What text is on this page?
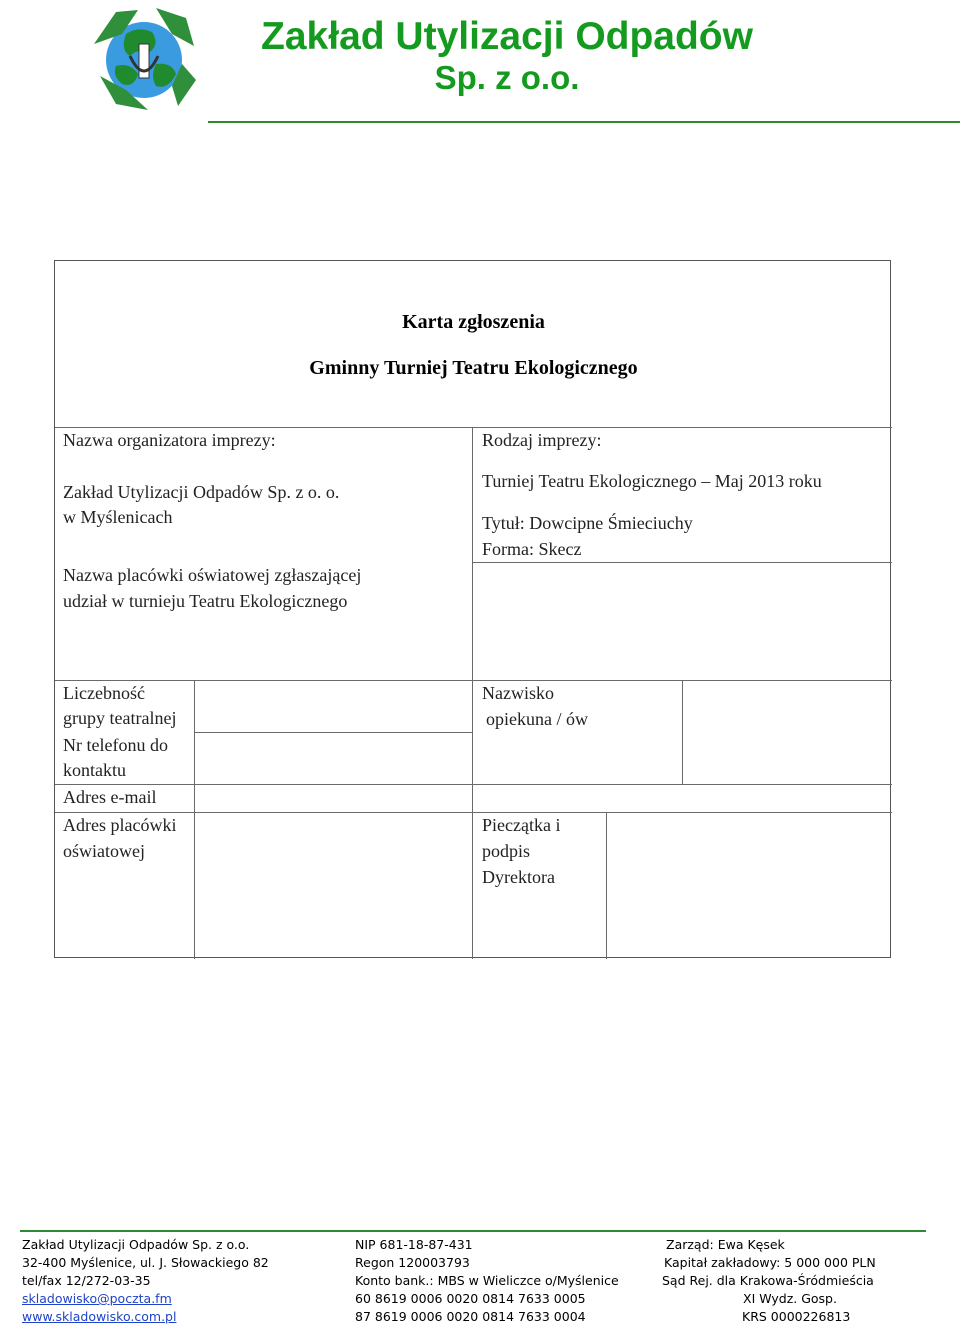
Zakład Utylizacji Odpadów
Sp. z o.o.
Karta zgłoszenia
Gminny Turniej Teatru Ekologicznego
Nazwa organizatora imprezy:
Zakład Utylizacji Odpadów Sp. z o. o.
w Myślenicach
Nazwa placówki oświatowej zgłaszającej
udział w turnieju Teatru Ekologicznego
Rodzaj imprezy:
Turniej Teatru Ekologicznego – Maj 2013 roku
Tytuł: Dowcipne Śmieciuchy
Forma: Skecz
Liczebność
grupy teatralnej
Nr telefonu do
kontaktu
Adres e-mail
Adres placówki
oświatowej
Nazwisko
opiekuna / ów
Pieczątka i
podpis
Dyrektora
Zakład Utylizacji Odpadów Sp. z o.o.
32-400 Myślenice, ul. J. Słowackiego 82
tel/fax 12/272-03-35
skladowisko@poczta.fm
www.skladowisko.com.pl
NIP 681-18-87-431
Regon 120003793
Konto bank.: MBS w Wieliczce o/Myślenice
60 8619 0006 0020 0814 7633 0005
87 8619 0006 0020 0814 7633 0004
Zarząd: Ewa Kęsek
Kapitał zakładowy: 5 000 000 PLN
Sąd Rej. dla Krakowa-Śródmieścia
XI Wydz. Gosp.
KRS 0000226813
